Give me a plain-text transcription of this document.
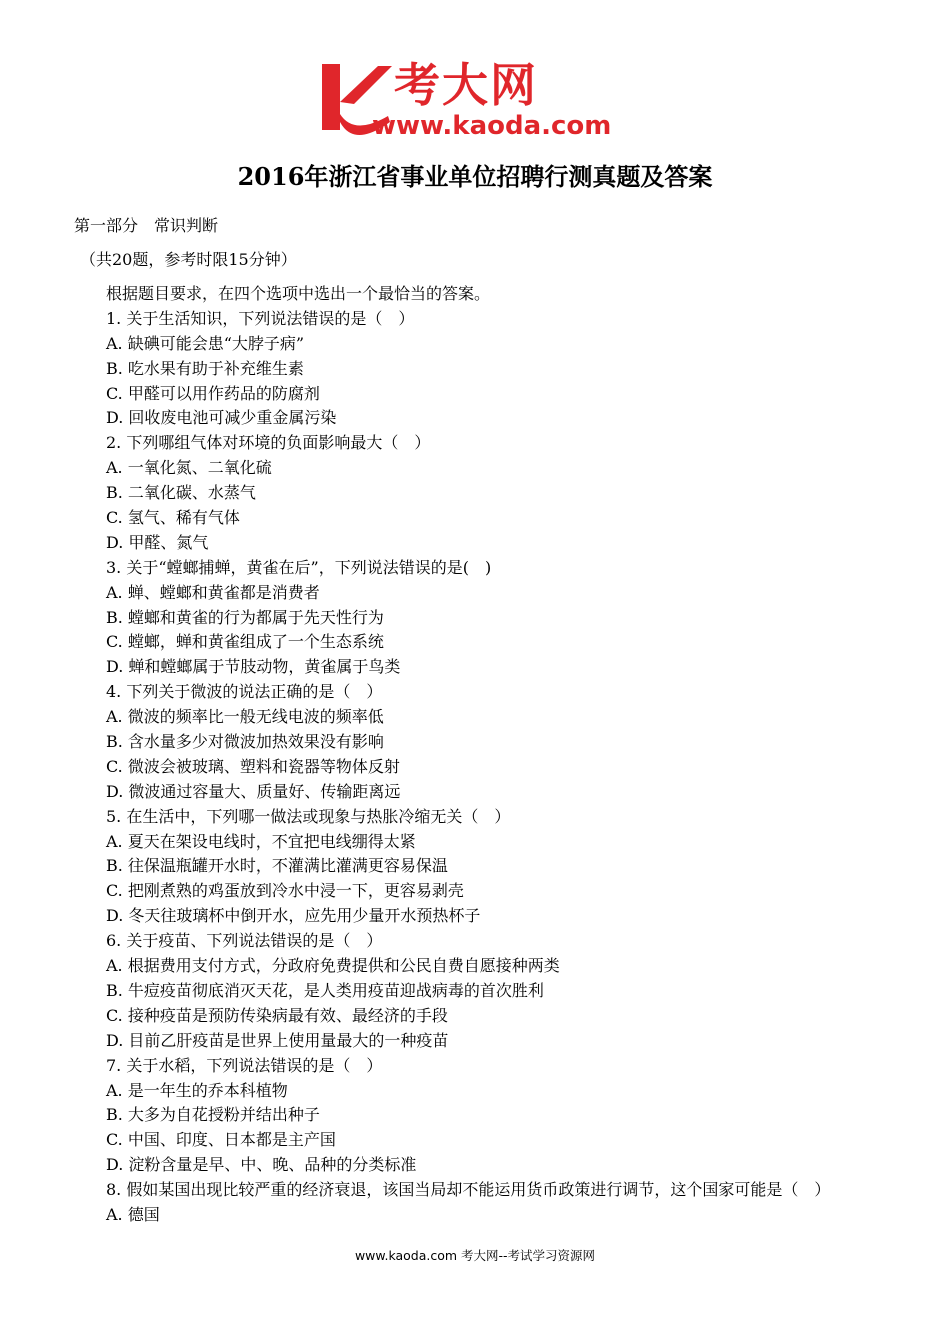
考大网
www.kaoda.com
2016年浙江省事业单位招聘行测真题及答案
第一部分　常识判断
（共20题，参考时限15分钟）
根据题目要求，在四个选项中选出一个最恰当的答案。
1. 关于生活知识，下列说法错误的是（　）
A. 缺碘可能会患“大脖子病”
B. 吃水果有助于补充维生素
C. 甲醛可以用作药品的防腐剂
D. 回收废电池可减少重金属污染
2. 下列哪组气体对环境的负面影响最大（　）
A. 一氧化氮、二氧化硫
B. 二氧化碳、水蒸气
C. 氢气、稀有气体
D. 甲醛、氮气
3. 关于“螳螂捕蝉，黄雀在后”，下列说法错误的是(　)
A. 蝉、螳螂和黄雀都是消费者
B. 螳螂和黄雀的行为都属于先天性行为
C. 螳螂，蝉和黄雀组成了一个生态系统
D. 蝉和螳螂属于节肢动物，黄雀属于鸟类
4. 下列关于微波的说法正确的是（　）
A. 微波的频率比一般无线电波的频率低
B. 含水量多少对微波加热效果没有影响
C. 微波会被玻璃、塑料和瓷器等物体反射
D. 微波通过容量大、质量好、传输距离远
5. 在生活中，下列哪一做法或现象与热胀冷缩无关（　）
A. 夏天在架设电线时，不宜把电线绷得太紧
B. 往保温瓶罐开水时，不灌满比灌满更容易保温
C. 把刚煮熟的鸡蛋放到冷水中浸一下，更容易剥壳
D. 冬天往玻璃杯中倒开水，应先用少量开水预热杯子
6. 关于疫苗、下列说法错误的是（　）
A. 根据费用支付方式，分政府免费提供和公民自费自愿接种两类
B. 牛痘疫苗彻底消灭天花，是人类用疫苗迎战病毒的首次胜利
C. 接种疫苗是预防传染病最有效、最经济的手段
D. 目前乙肝疫苗是世界上使用量最大的一种疫苗
7. 关于水稻，下列说法错误的是（　）
A. 是一年生的乔本科植物
B. 大多为自花授粉并结出种子
C. 中国、印度、日本都是主产国
D. 淀粉含量是早、中、晚、品种的分类标准
8. 假如某国出现比较严重的经济衰退，该国当局却不能运用货币政策进行调节，这个国家可能是（　）
A. 德国
www.kaoda.com 考大网--考试学习资源网
